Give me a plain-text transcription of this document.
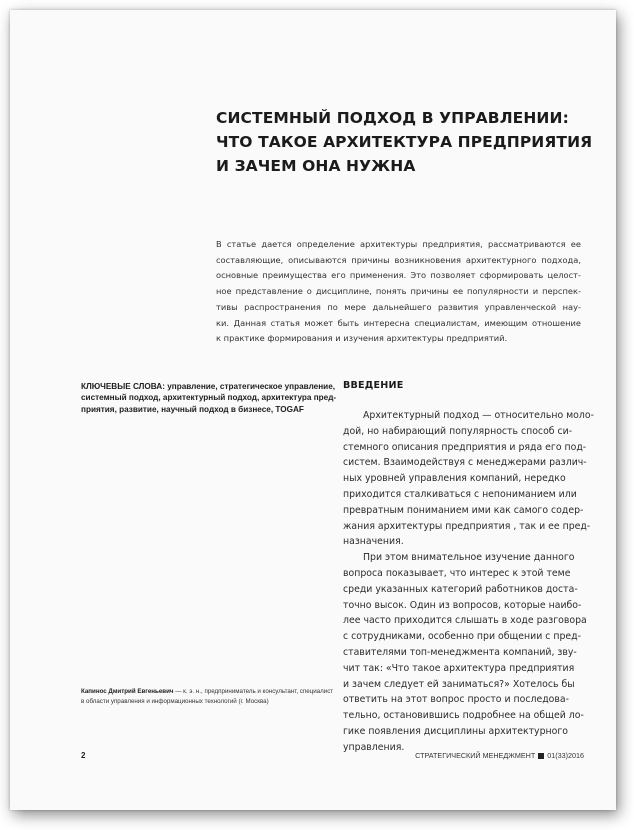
СИСТЕМНЫЙ ПОДХОД В УПРАВЛЕНИИ:
ЧТО ТАКОЕ АРХИТЕКТУРА ПРЕДПРИЯТИЯ
И ЗАЧЕМ ОНА НУЖНА
В статье дается определение архитектуры предприятия, рассматриваются ее
составляющие, описываются причины возникновения архитектурного подхода,
основные преимущества его применения. Это позволяет сформировать целост-
ное представление о дисциплине, понять причины ее популярности и перспек-
тивы распространения по мере дальнейшего развития управленческой нау-
ки. Данная статья может быть интересна специалистам, имеющим отношение
к практике формирования и изучения архитектуры предприятий.
КЛЮЧЕВЫЕ СЛОВА: управление, стратегическое управление,
системный подход, архитектурный подход, архитектура пред-
приятия, развитие, научный подход в бизнесе, TOGAF
ВВЕДЕНИЕ
Архитектурный подход — относительно моло-
дой, но набирающий популярность способ си-
стемного описания предприятия и ряда его под-
систем. Взаимодействуя с менеджерами различ-
ных уровней управления компаний, нередко
приходится сталкиваться с непониманием или
превратным пониманием ими как самого содер-
жания архитектуры предприятия , так и ее пред-
назначения.
При этом внимательное изучение данного
вопроса показывает, что интерес к этой теме
среди указанных категорий работников доста-
точно высок. Один из вопросов, которые наибо-
лее часто приходится слышать в ходе разговора
с сотрудниками, особенно при общении с пред-
ставителями топ-менеджмента компаний, зву-
чит так: «Что такое архитектура предприятия
и зачем следует ей заниматься?» Хотелось бы
ответить на этот вопрос просто и последова-
тельно, остановившись подробнее на общей ло-
гике появления дисциплины архитектурного
управления.
Капинос Дмитрий Евгеньевич — к. э. н., предприниматель и консультант, специалист
в области управления и информационных технологий (г. Москва)
2	СТРАТЕГИЧЕСКИЙ МЕНЕДЖМЕНТ 01(33)2016
